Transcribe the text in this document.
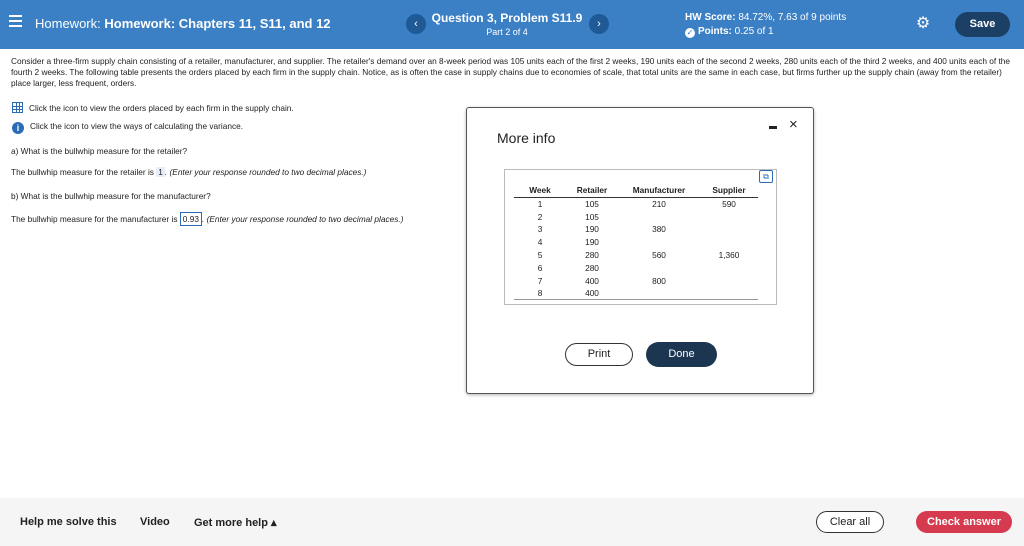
Homework: Homework: Chapters 11, S11, and 12	‹	Question 3, Problem S11.9
Part 2 of 4
›
HW Score: 84.72%, 7.63 of 9 points
✓ Points: 0.25 of 1	⚙	Save
Consider a three-firm supply chain consisting of a retailer, manufacturer, and supplier. The retailer's demand over an 8-week period was 105 units each of the first 2 weeks, 190 units each of the second 2 weeks, 280 units each of the third 2 weeks, and 400 units each of the fourth 2 weeks. The following table presents the orders placed by each firm in the supply chain. Notice, as is often the case in supply chains due to economies of scale, that total units are the same in each case, but firms further up the supply chain (away from the retailer) place larger, less frequent, orders.
Click the icon to view the orders placed by each firm in the supply chain.
i Click the icon to view the ways of calculating the variance.
a) What is the bullwhip measure for the retailer?
The bullwhip measure for the retailer is 1 . (Enter your response rounded to two decimal places.)
b) What is the bullwhip measure for the manufacturer?
The bullwhip measure for the manufacturer is 0.93 . (Enter your response rounded to two decimal places.)
More info
×
Week	Retailer	Manufacturer	Supplier
1	105	210	590
2	105		
3	190	380	
4	190		
5	280	560	1,360
6	280		
7	400	800	
8	400		
⧉
Print	Done
Help me solve this Video Get more help ▴	Clear all	Check answer
